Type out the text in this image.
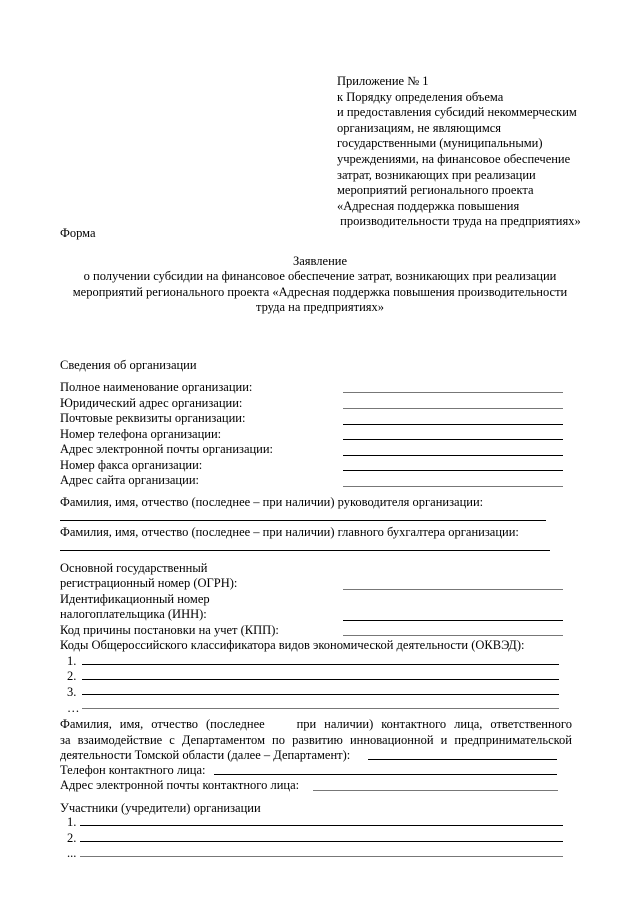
Приложение № 1
к Порядку определения объема
и предоставления субсидий некоммерческим
организациям, не являющимся
государственными (муниципальными)
учреждениями, на финансовое обеспечение
затрат, возникающих при реализации
мероприятий регионального проекта
«Адресная поддержка повышения
производительности труда на предприятиях»
Форма
Заявление
о получении субсидии на финансовое обеспечение затрат, возникающих при реализации
мероприятий регионального проекта «Адресная поддержка повышения производительности
труда на предприятиях»
Сведения об организации
Полное наименование организации:
Юридический адрес организации:
Почтовые реквизиты организации:
Номер телефона организации:
Адрес электронной почты организации:
Номер факса организации:
Адрес сайта организации:
Фамилия, имя, отчество (последнее – при наличии) руководителя организации:
Фамилия, имя, отчество (последнее – при наличии) главного бухгалтера организации:
Основной государственный
регистрационный номер (ОГРН):
Идентификационный номер
налогоплательщика (ИНН):
Код причины постановки на учет (КПП):
Коды Общероссийского классификатора видов экономической деятельности (ОКВЭД):
1.
2.
3.
…
Фамилия, имя, отчество (последнее    при наличии) контактного лица, ответственного
за взаимодействие с Департаментом по развитию инновационной и предпринимательской
деятельности Томской области (далее – Департамент):
Телефон контактного лица:
Адрес электронной почты контактного лица:
Участники (учредители) организации
1.
2.
...
